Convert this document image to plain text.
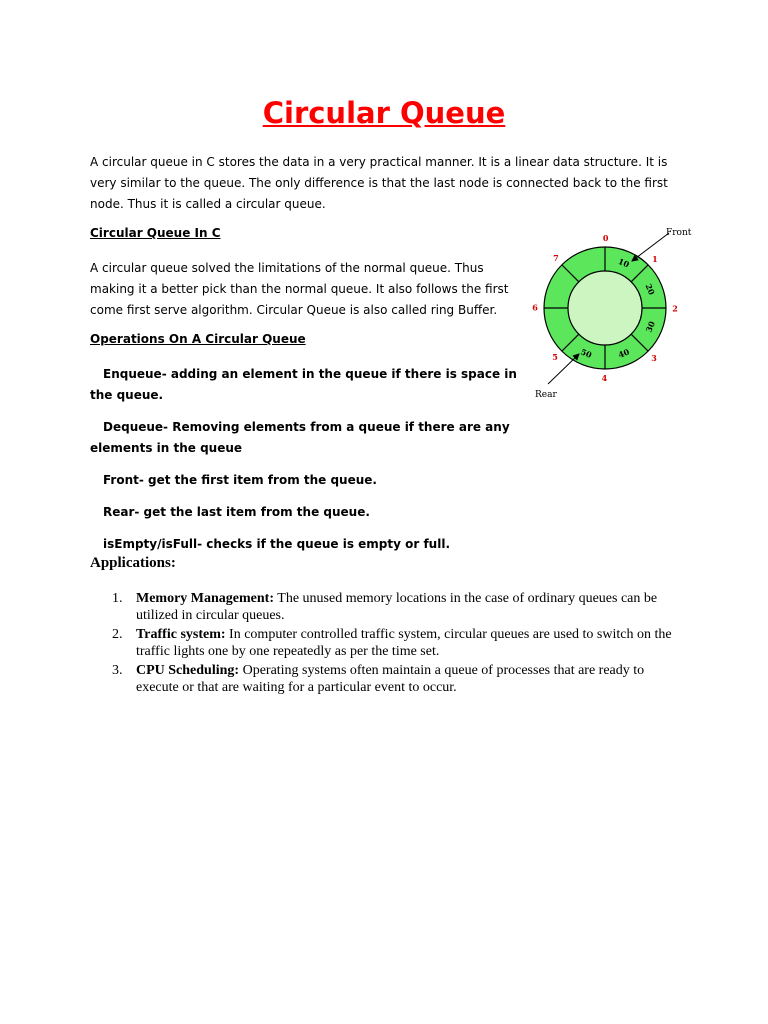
Circular Queue

A circular queue in C stores the data in a very practical manner. It is a linear data structure. It is very similar to the queue. The only difference is that the last node is connected back to the first node. Thus it is called a circular queue.

Circular Queue In C

A circular queue solved the limitations of the normal queue. Thus making it a better pick than the normal queue. It also follows the first come first serve algorithm. Circular Queue is also called ring Buffer.

Operations On A Circular Queue
Enqueue- adding an element in the queue if there is space in the queue.
Dequeue- Removing elements from a queue if there are any elements in the queue
Front- get the first item from the queue.
Rear- get the last item from the queue.
isEmpty/isFull- checks if the queue is empty or full.
Applications:
1. Memory Management: The unused memory locations in the case of ordinary queues can be utilized in circular queues.
2. Traffic system: In computer controlled traffic system, circular queues are used to switch on the traffic lights one by one repeatedly as per the time set.
3. CPU Scheduling: Operating systems often maintain a queue of processes that are ready to execute or that are waiting for a particular event to occur.
10
0
20
1
30
2
40	3
50
4
5
6
7
Front
Rear
